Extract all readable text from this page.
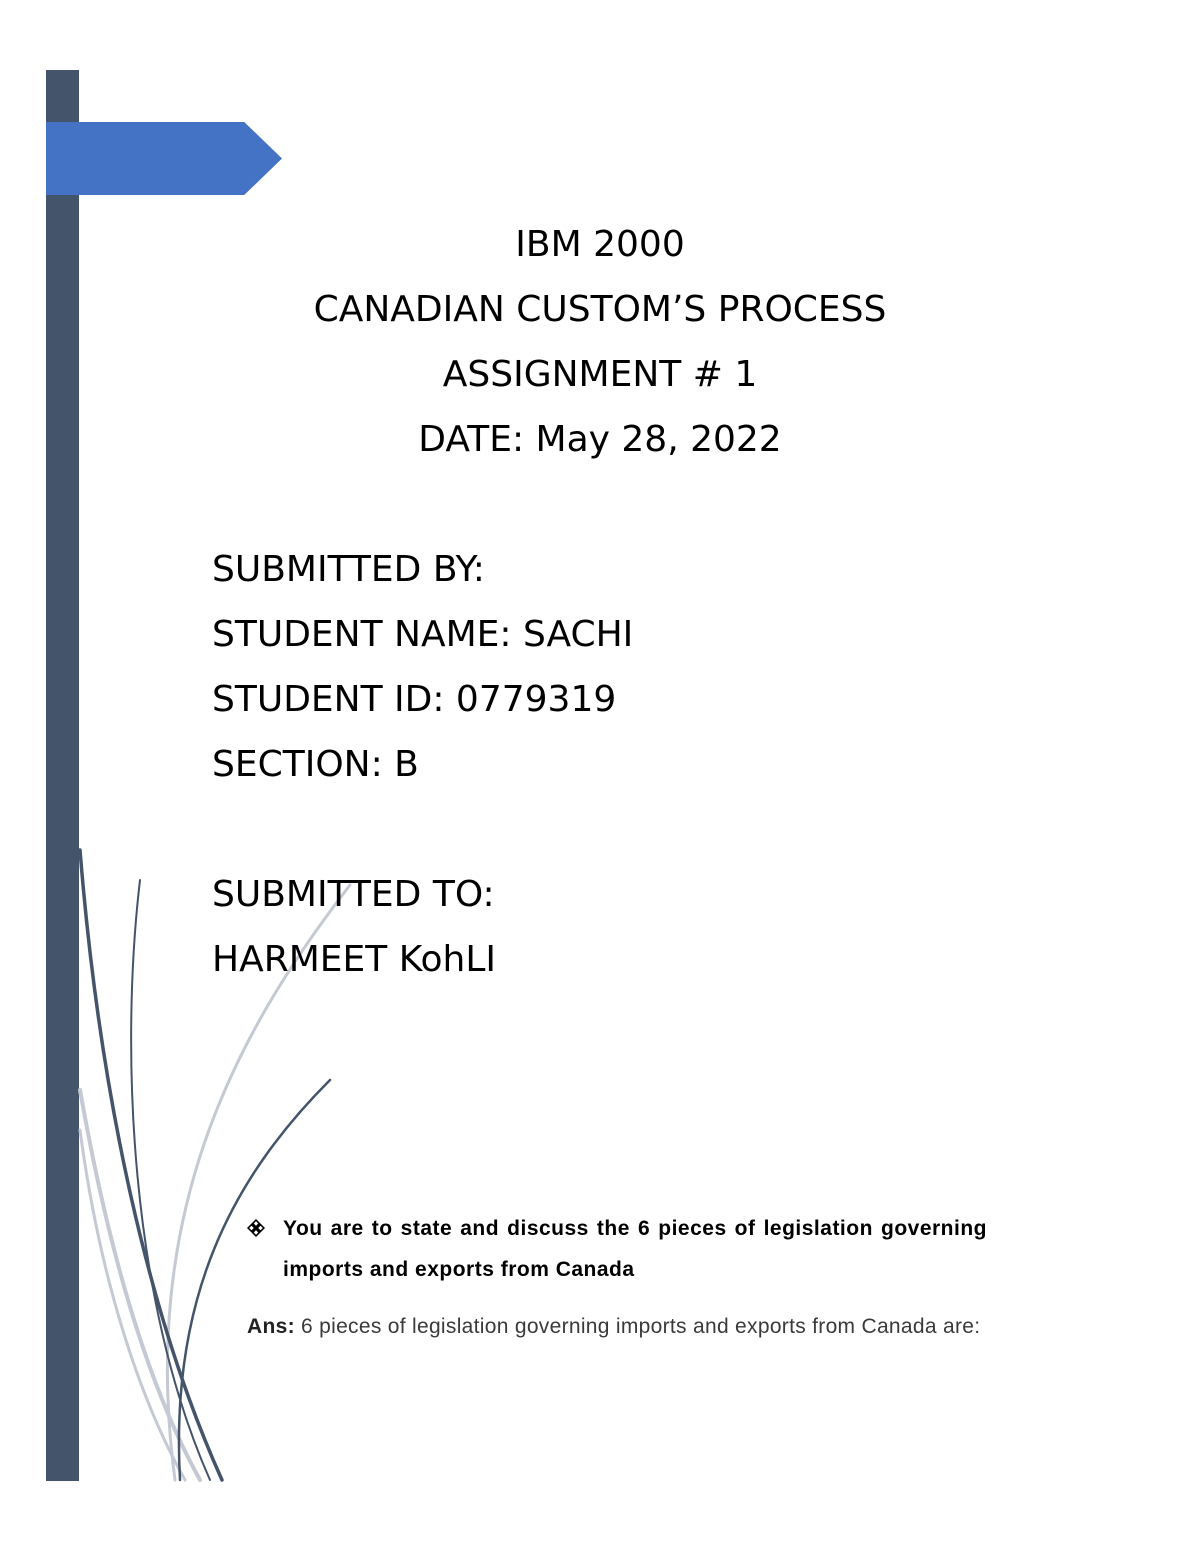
IBM 2000
CANADIAN CUSTOM’S PROCESS
ASSIGNMENT # 1
DATE: May 28, 2022
SUBMITTED BY:
STUDENT NAME: SACHI
STUDENT ID: 0779319
SECTION: B
SUBMITTED TO:
HARMEET KohLI
You are to state and discuss the 6 pieces of legislation governing imports and exports from Canada
Ans: 6 pieces of legislation governing imports and exports from Canada are:
